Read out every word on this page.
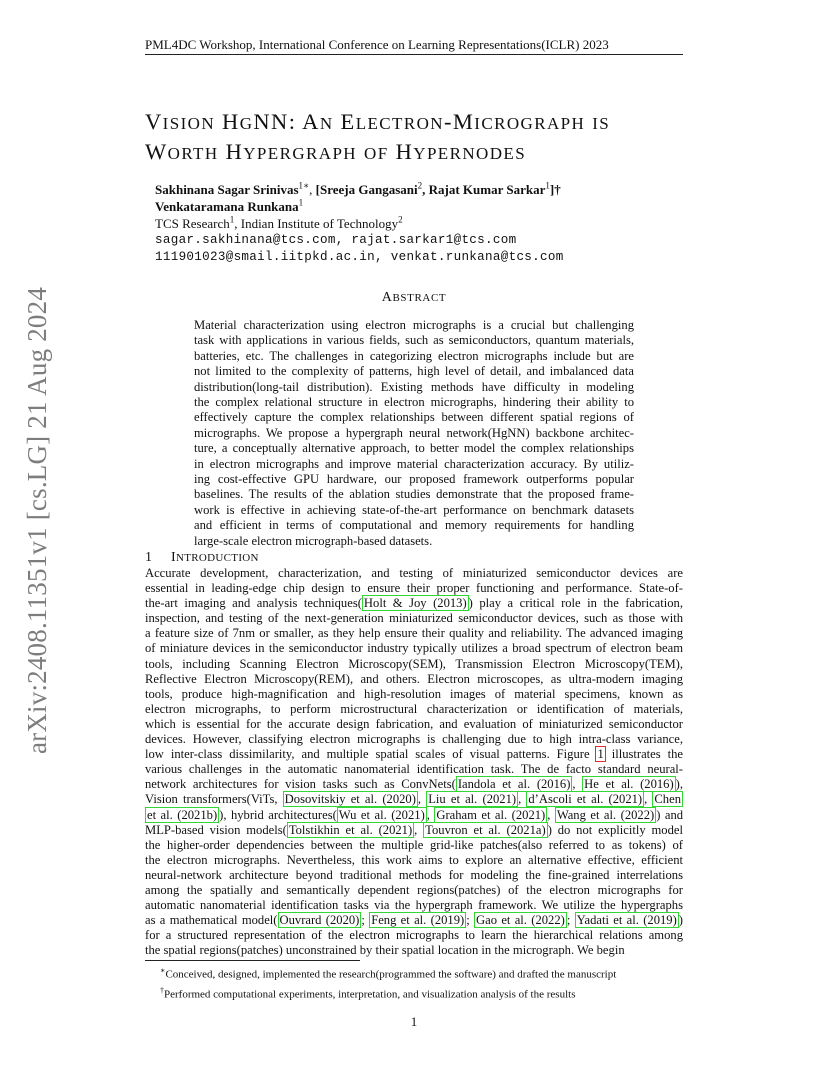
arXiv:2408.11351v1 [cs.LG] 21 Aug 2024
PML4DC Workshop, International Conference on Learning Representations(ICLR) 2023
VISION HGNN: AN ELECTRON-MICROGRAPH IS
WORTH HYPERGRAPH OF HYPERNODES
Sakhinana Sagar Srinivas$^{1∗}$, [Sreeja Gangasani$^2$, Rajat Kumar Sarkar$^1$]†
Venkataramana Runkana$^1$
TCS Research$^1$, Indian Institute of Technology$^2$
sagar.sakhinana@tcs.com, rajat.sarkar1@tcs.com
111901023@smail.iitpkd.ac.in, venkat.runkana@tcs.com
ABSTRACT
Material characterization using electron micrographs is a crucial but challenging
task with applications in various fields, such as semiconductors, quantum materials,
batteries, etc. The challenges in categorizing electron micrographs include but are
not limited to the complexity of patterns, high level of detail, and imbalanced data
distribution(long-tail distribution). Existing methods have difficulty in modeling
the complex relational structure in electron micrographs, hindering their ability to
effectively capture the complex relationships between different spatial regions of
micrographs. We propose a hypergraph neural network(HgNN) backbone architec-
ture, a conceptually alternative approach, to better model the complex relationships
in electron micrographs and improve material characterization accuracy. By utiliz-
ing cost-effective GPU hardware, our proposed framework outperforms popular
baselines. The results of the ablation studies demonstrate that the proposed frame-
work is effective in achieving state-of-the-art performance on benchmark datasets
and efficient in terms of computational and memory requirements for handling
large-scale electron micrograph-based datasets.
1 INTRODUCTION
Accurate development, characterization, and testing of miniaturized semiconductor devices are
essential in leading-edge chip design to ensure their proper functioning and performance. State-of-
the-art imaging and analysis techniques( Holt & Joy (2013) ) play a critical role in the fabrication,
inspection, and testing of the next-generation miniaturized semiconductor devices, such as those with
a feature size of 7nm or smaller, as they help ensure their quality and reliability. The advanced imaging
of miniature devices in the semiconductor industry typically utilizes a broad spectrum of electron beam
tools, including Scanning Electron Microscopy(SEM), Transmission Electron Microscopy(TEM),
Reflective Electron Microscopy(REM), and others. Electron microscopes, as ultra-modern imaging
tools, produce high-magnification and high-resolution images of material specimens, known as
electron micrographs, to perform microstructural characterization or identification of materials,
which is essential for the accurate design fabrication, and evaluation of miniaturized semiconductor
devices. However, classifying electron micrographs is challenging due to high intra-class variance,
low inter-class dissimilarity, and multiple spatial scales of visual patterns. Figure 1 illustrates the
various challenges in the automatic nanomaterial identification task. The de facto standard neural-
network architectures for vision tasks such as ConvNets( Iandola et al. (2016) , He et al. (2016) ),
Vision transformers(ViTs, Dosovitskiy et al. (2020) , Liu et al. (2021) , d’Ascoli et al. (2021) , Chen
et al. (2021b) ), hybrid architectures( Wu et al. (2021) , Graham et al. (2021) , Wang et al. (2022) ) and
MLP-based vision models( Tolstikhin et al. (2021) , Touvron et al. (2021a) ) do not explicitly model
the higher-order dependencies between the multiple grid-like patches(also referred to as tokens) of
the electron micrographs. Nevertheless, this work aims to explore an alternative effective, efficient
neural-network architecture beyond traditional methods for modeling the fine-grained interrelations
among the spatially and semantically dependent regions(patches) of the electron micrographs for
automatic nanomaterial identification tasks via the hypergraph framework. We utilize the hypergraphs
as a mathematical model( Ouvrard (2020) ; Feng et al. (2019) ; Gao et al. (2022) ; Yadati et al. (2019) )
for a structured representation of the electron micrographs to learn the hierarchical relations among
the spatial regions(patches) unconstrained by their spatial location in the micrograph. We begin
∗Conceived, designed, implemented the research(programmed the software) and drafted the manuscript
†Performed computational experiments, interpretation, and visualization analysis of the results
1
